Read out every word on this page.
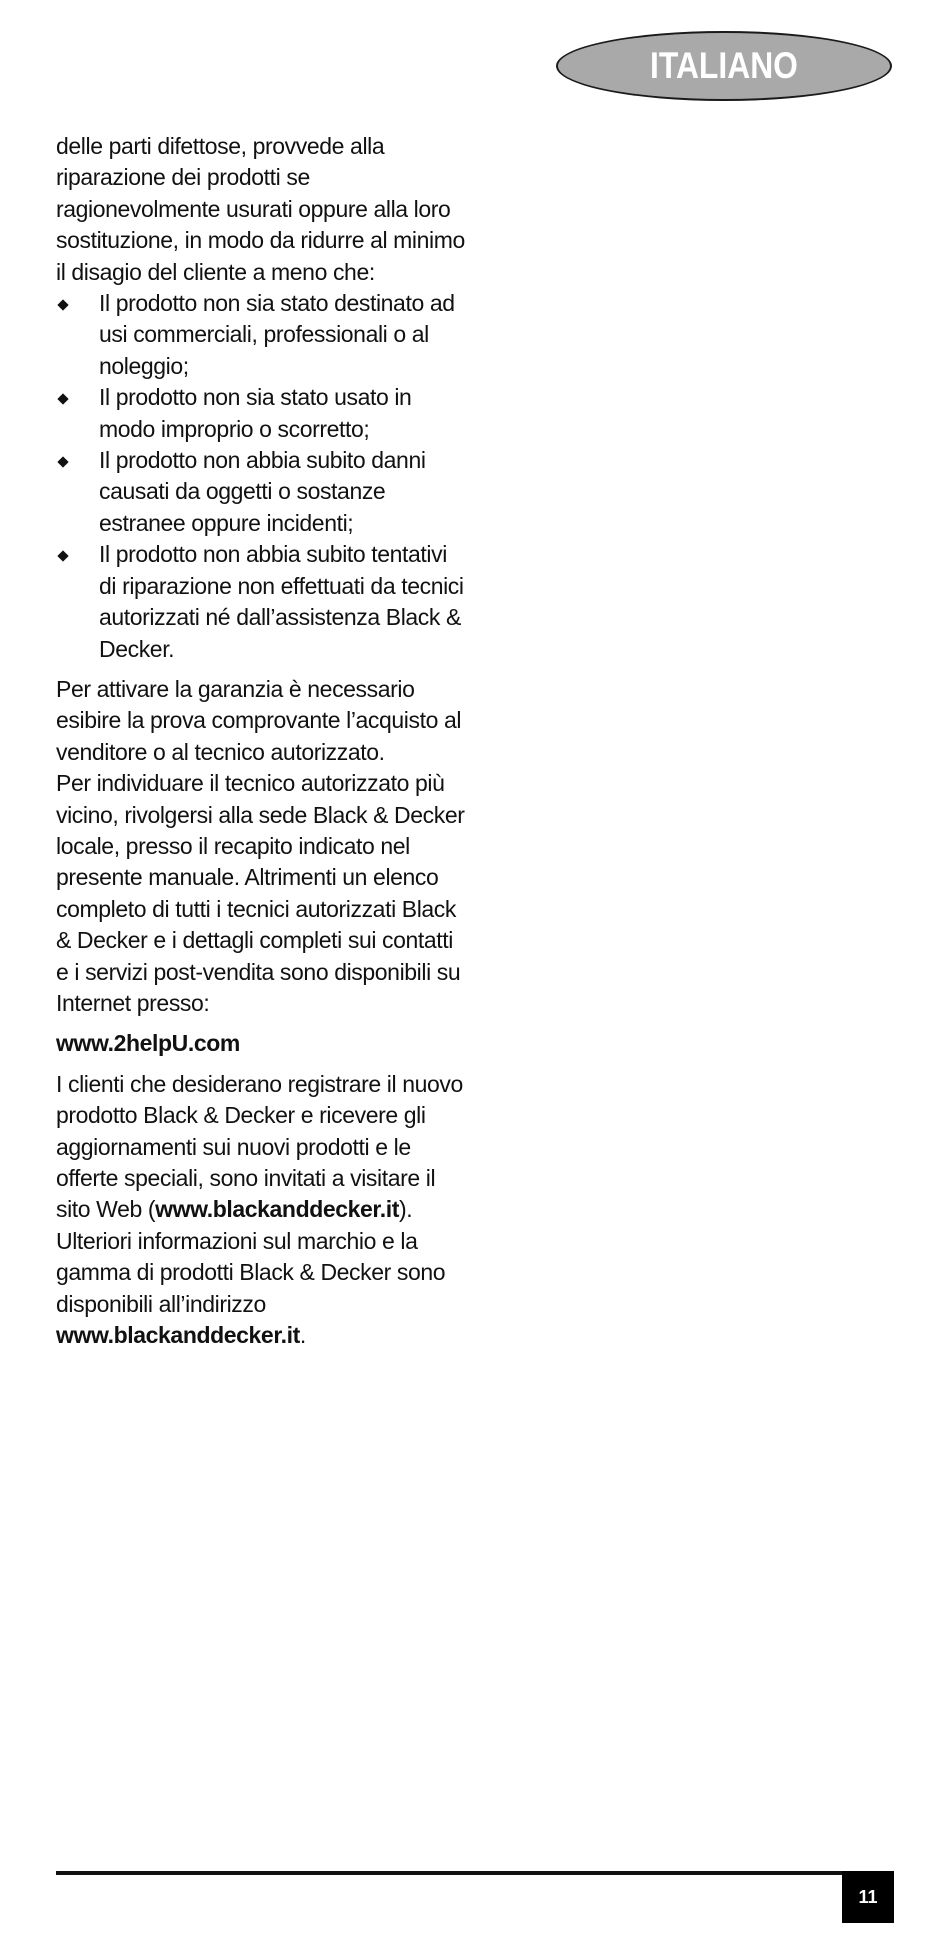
ITALIANO

delle parti difettose, provvede alla riparazione dei prodotti se ragionevolmente usurati oppure alla loro sostituzione, in modo da ridurre al minimo il disagio del cliente a meno che:

Il prodotto non sia stato destinato ad usi commerciali, professionali o al noleggio;
Il prodotto non sia stato usato in modo improprio o scorretto;
Il prodotto non abbia subito danni causati da oggetti o sostanze estranee oppure incidenti;
Il prodotto non abbia subito tentativi di riparazione non effettuati da tecnici autorizzati né dall’assistenza Black & Decker.

Per attivare la garanzia è necessario esibire la prova comprovante l’acquisto al venditore o al tecnico autorizzato.

Per individuare il tecnico autorizzato più vicino, rivolgersi alla sede Black & Decker locale, presso il recapito indicato nel presente manuale. Altrimenti un elenco completo di tutti i tecnici autorizzati Black & Decker e i dettagli completi sui contatti e i servizi post-vendita sono disponibili su Internet presso:

www.2helpU.com

I clienti che desiderano registrare il nuovo prodotto Black & Decker e ricevere gli aggiornamenti sui nuovi prodotti e le offerte speciali, sono invitati a visitare il sito Web (www.blackanddecker.it).

Ulteriori informazioni sul marchio e la gamma di prodotti Black & Decker sono disponibili all’indirizzo
www.blackanddecker.it.

11
